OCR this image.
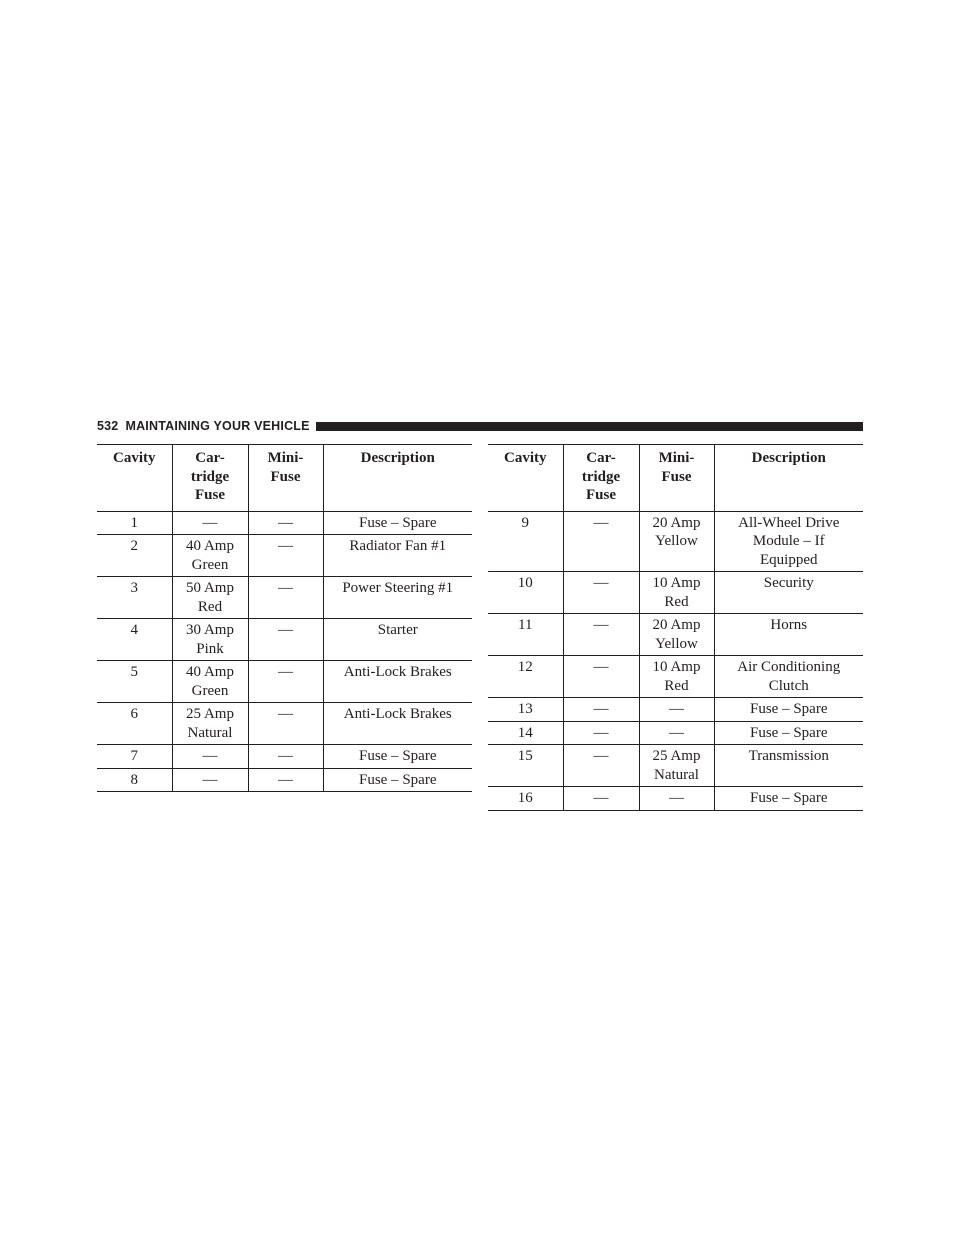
532 MAINTAINING YOUR VEHICLE
Cavity	Car-
tridge
Fuse	Mini-
Fuse	Description
1	—	—	Fuse – Spare
2	40 Amp
Green	—	Radiator Fan #1
3	50 Amp
Red	—	Power Steering #1
4	30 Amp
Pink	—	Starter
5	40 Amp
Green	—	Anti-Lock Brakes
6	25 Amp
Natural	—	Anti-Lock Brakes
7	—	—	Fuse – Spare
8	—	—	Fuse – Spare
Cavity	Car-
tridge
Fuse	Mini-
Fuse	Description
9	—	20 Amp
Yellow	All-Wheel Drive
Module – If
Equipped
10	—	10 Amp
Red	Security
11	—	20 Amp
Yellow	Horns
12	—	10 Amp
Red	Air Conditioning
Clutch
13	—	—	Fuse – Spare
14	—	—	Fuse – Spare
15	—	25 Amp
Natural	Transmission
16	—	—	Fuse – Spare
